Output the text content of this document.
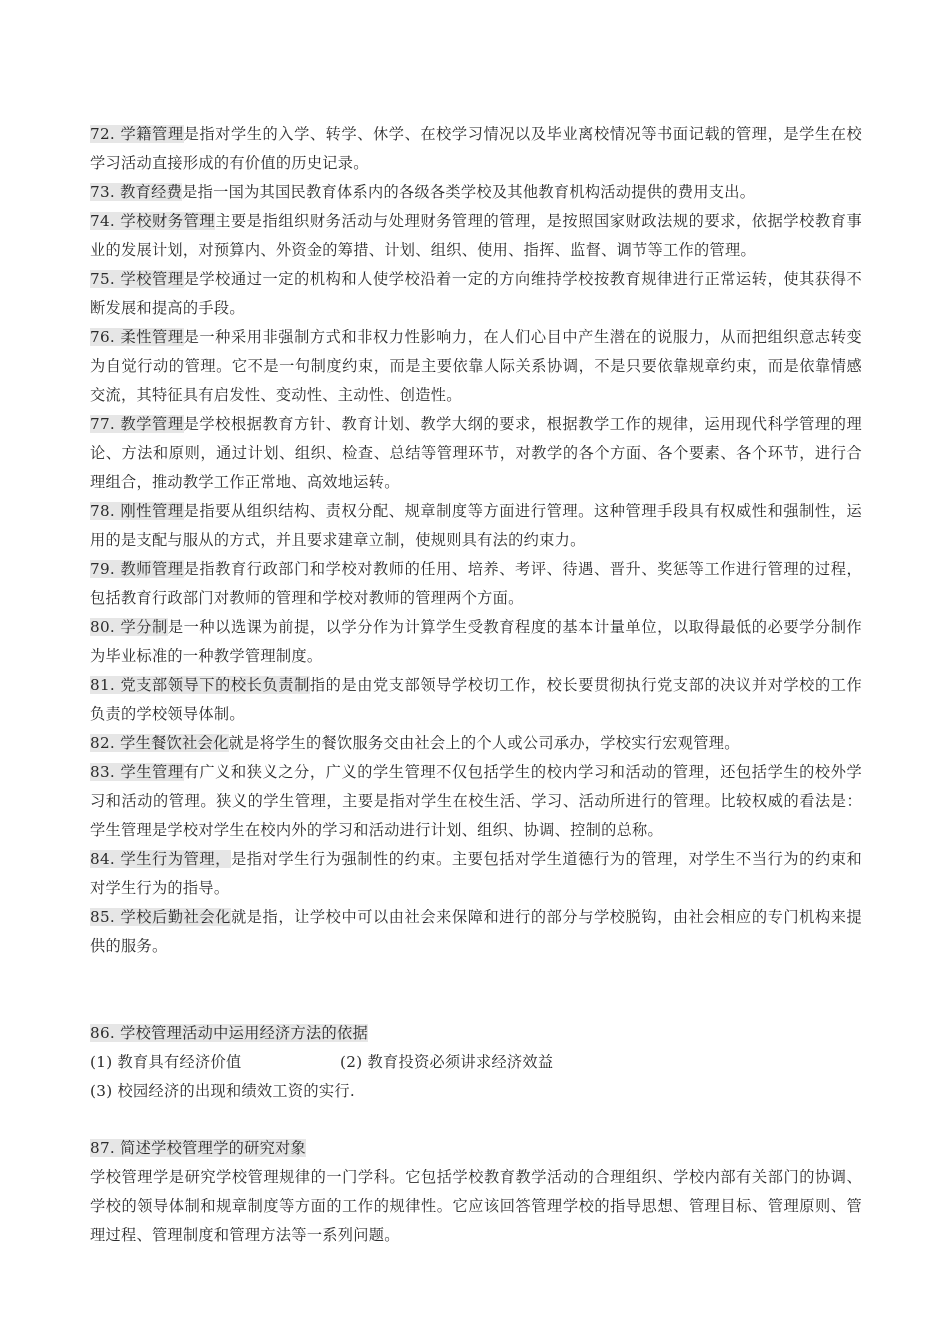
72. 学籍管理是指对学生的入学、转学、休学、在校学习情况以及毕业离校情况等书面记载的管理，是学生在校学习活动直接形成的有价值的历史记录。

73. 教育经费是指一国为其国民教育体系内的各级各类学校及其他教育机构活动提供的费用支出。

74. 学校财务管理主要是指组织财务活动与处理财务管理的管理，是按照国家财政法规的要求，依据学校教育事业的发展计划，对预算内、外资金的筹措、计划、组织、使用、指挥、监督、调节等工作的管理。

75. 学校管理是学校通过一定的机构和人使学校沿着一定的方向维持学校按教育规律进行正常运转，使其获得不断发展和提高的手段。

76. 柔性管理是一种采用非强制方式和非权力性影响力，在人们心目中产生潜在的说服力，从而把组织意志转变为自觉行动的管理。它不是一句制度约束，而是主要依靠人际关系协调，不是只要依靠规章约束，而是依靠情感交流，其特征具有启发性、变动性、主动性、创造性。

77. 教学管理是学校根据教育方针、教育计划、教学大纲的要求，根据教学工作的规律，运用现代科学管理的理论、方法和原则，通过计划、组织、检查、总结等管理环节，对教学的各个方面、各个要素、各个环节，进行合理组合，推动教学工作正常地、高效地运转。

78. 刚性管理是指要从组织结构、责权分配、规章制度等方面进行管理。这种管理手段具有权威性和强制性，运用的是支配与服从的方式，并且要求建章立制，使规则具有法的约束力。

79. 教师管理是指教育行政部门和学校对教师的任用、培养、考评、待遇、晋升、奖惩等工作进行管理的过程，包括教育行政部门对教师的管理和学校对教师的管理两个方面。

80. 学分制是一种以选课为前提，以学分作为计算学生受教育程度的基本计量单位，以取得最低的必要学分制作为毕业标准的一种教学管理制度。

81. 党支部领导下的校长负责制指的是由党支部领导学校切工作，校长要贯彻执行党支部的决议并对学校的工作负责的学校领导体制。

82. 学生餐饮社会化就是将学生的餐饮服务交由社会上的个人或公司承办，学校实行宏观管理。

83. 学生管理有广义和狭义之分，广义的学生管理不仅包括学生的校内学习和活动的管理，还包括学生的校外学习和活动的管理。狭义的学生管理，主要是指对学生在校生活、学习、活动所进行的管理。比较权威的看法是：学生管理是学校对学生在校内外的学习和活动进行计划、组织、协调、控制的总称。

84. 学生行为管理，是指对学生行为强制性的约束。主要包括对学生道德行为的管理，对学生不当行为的约束和对学生行为的指导。

85. 学校后勤社会化就是指，让学校中可以由社会来保障和进行的部分与学校脱钩，由社会相应的专门机构来提供的服务。

86. 学校管理活动中运用经济方法的依据

(1) 教育具有经济价值	(2) 教育投资必须讲求经济效益

(3) 校园经济的出现和绩效工资的实行.

87. 简述学校管理学的研究对象

学校管理学是研究学校管理规律的一门学科。它包括学校教育教学活动的合理组织、学校内部有关部门的协调、学校的领导体制和规章制度等方面的工作的规律性。它应该回答管理学校的指导思想、管理目标、管理原则、管理过程、管理制度和管理方法等一系列问题。
